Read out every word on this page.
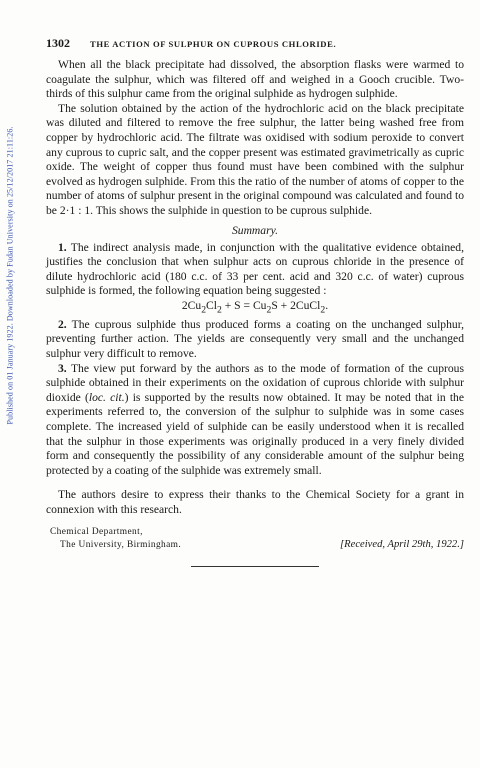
Published on 01 January 1922. Downloaded by Fudan University on 25/12/2017 21:11:26.
1302 THE ACTION OF SULPHUR ON CUPROUS CHLORIDE.

When all the black precipitate had dissolved, the absorption flasks were warmed to coagulate the sulphur, which was filtered off and weighed in a Gooch crucible. Two-thirds of this sulphur came from the original sulphide as hydrogen sulphide.

The solution obtained by the action of the hydrochloric acid on the black precipitate was diluted and filtered to remove the free sulphur, the latter being washed free from copper by hydrochloric acid. The filtrate was oxidised with sodium peroxide to convert any cuprous to cupric salt, and the copper present was estimated gravimetrically as cupric oxide. The weight of copper thus found must have been combined with the sulphur evolved as hydrogen sulphide. From this the ratio of the number of atoms of copper to the number of atoms of sulphur present in the original compound was calculated and found to be 2·1 : 1. This shows the sulphide in question to be cuprous sulphide.

Summary.

1. The indirect analysis made, in conjunction with the qualitative evidence obtained, justifies the conclusion that when sulphur acts on cuprous chloride in the presence of dilute hydrochloric acid (180 c.c. of 33 per cent. acid and 320 c.c. of water) cuprous sulphide is formed, the following equation being suggested :

$2Cu_2Cl_2 + S = Cu_2S$ + 2CuCl$_2$.

2. The cuprous sulphide thus produced forms a coating on the unchanged sulphur, preventing further action. The yields are consequently very small and the unchanged sulphur very difficult to remove.

3. The view put forward by the authors as to the mode of formation of the cuprous sulphide obtained in their experiments on the oxidation of cuprous chloride with sulphur dioxide (loc. cit.) is supported by the results now obtained. It may be noted that in the experiments referred to, the conversion of the sulphur to sulphide was in some cases complete. The increased yield of sulphide can be easily understood when it is recalled that the sulphur in those experiments was originally produced in a very finely divided form and consequently the possibility of any considerable amount of the sulphur being protected by a coating of the sulphide was extremely small.

The authors desire to express their thanks to the Chemical Society for a grant in connexion with this research.

Chemical Department,
The University, Birmingham.	[Received, April 29th, 1922.]
